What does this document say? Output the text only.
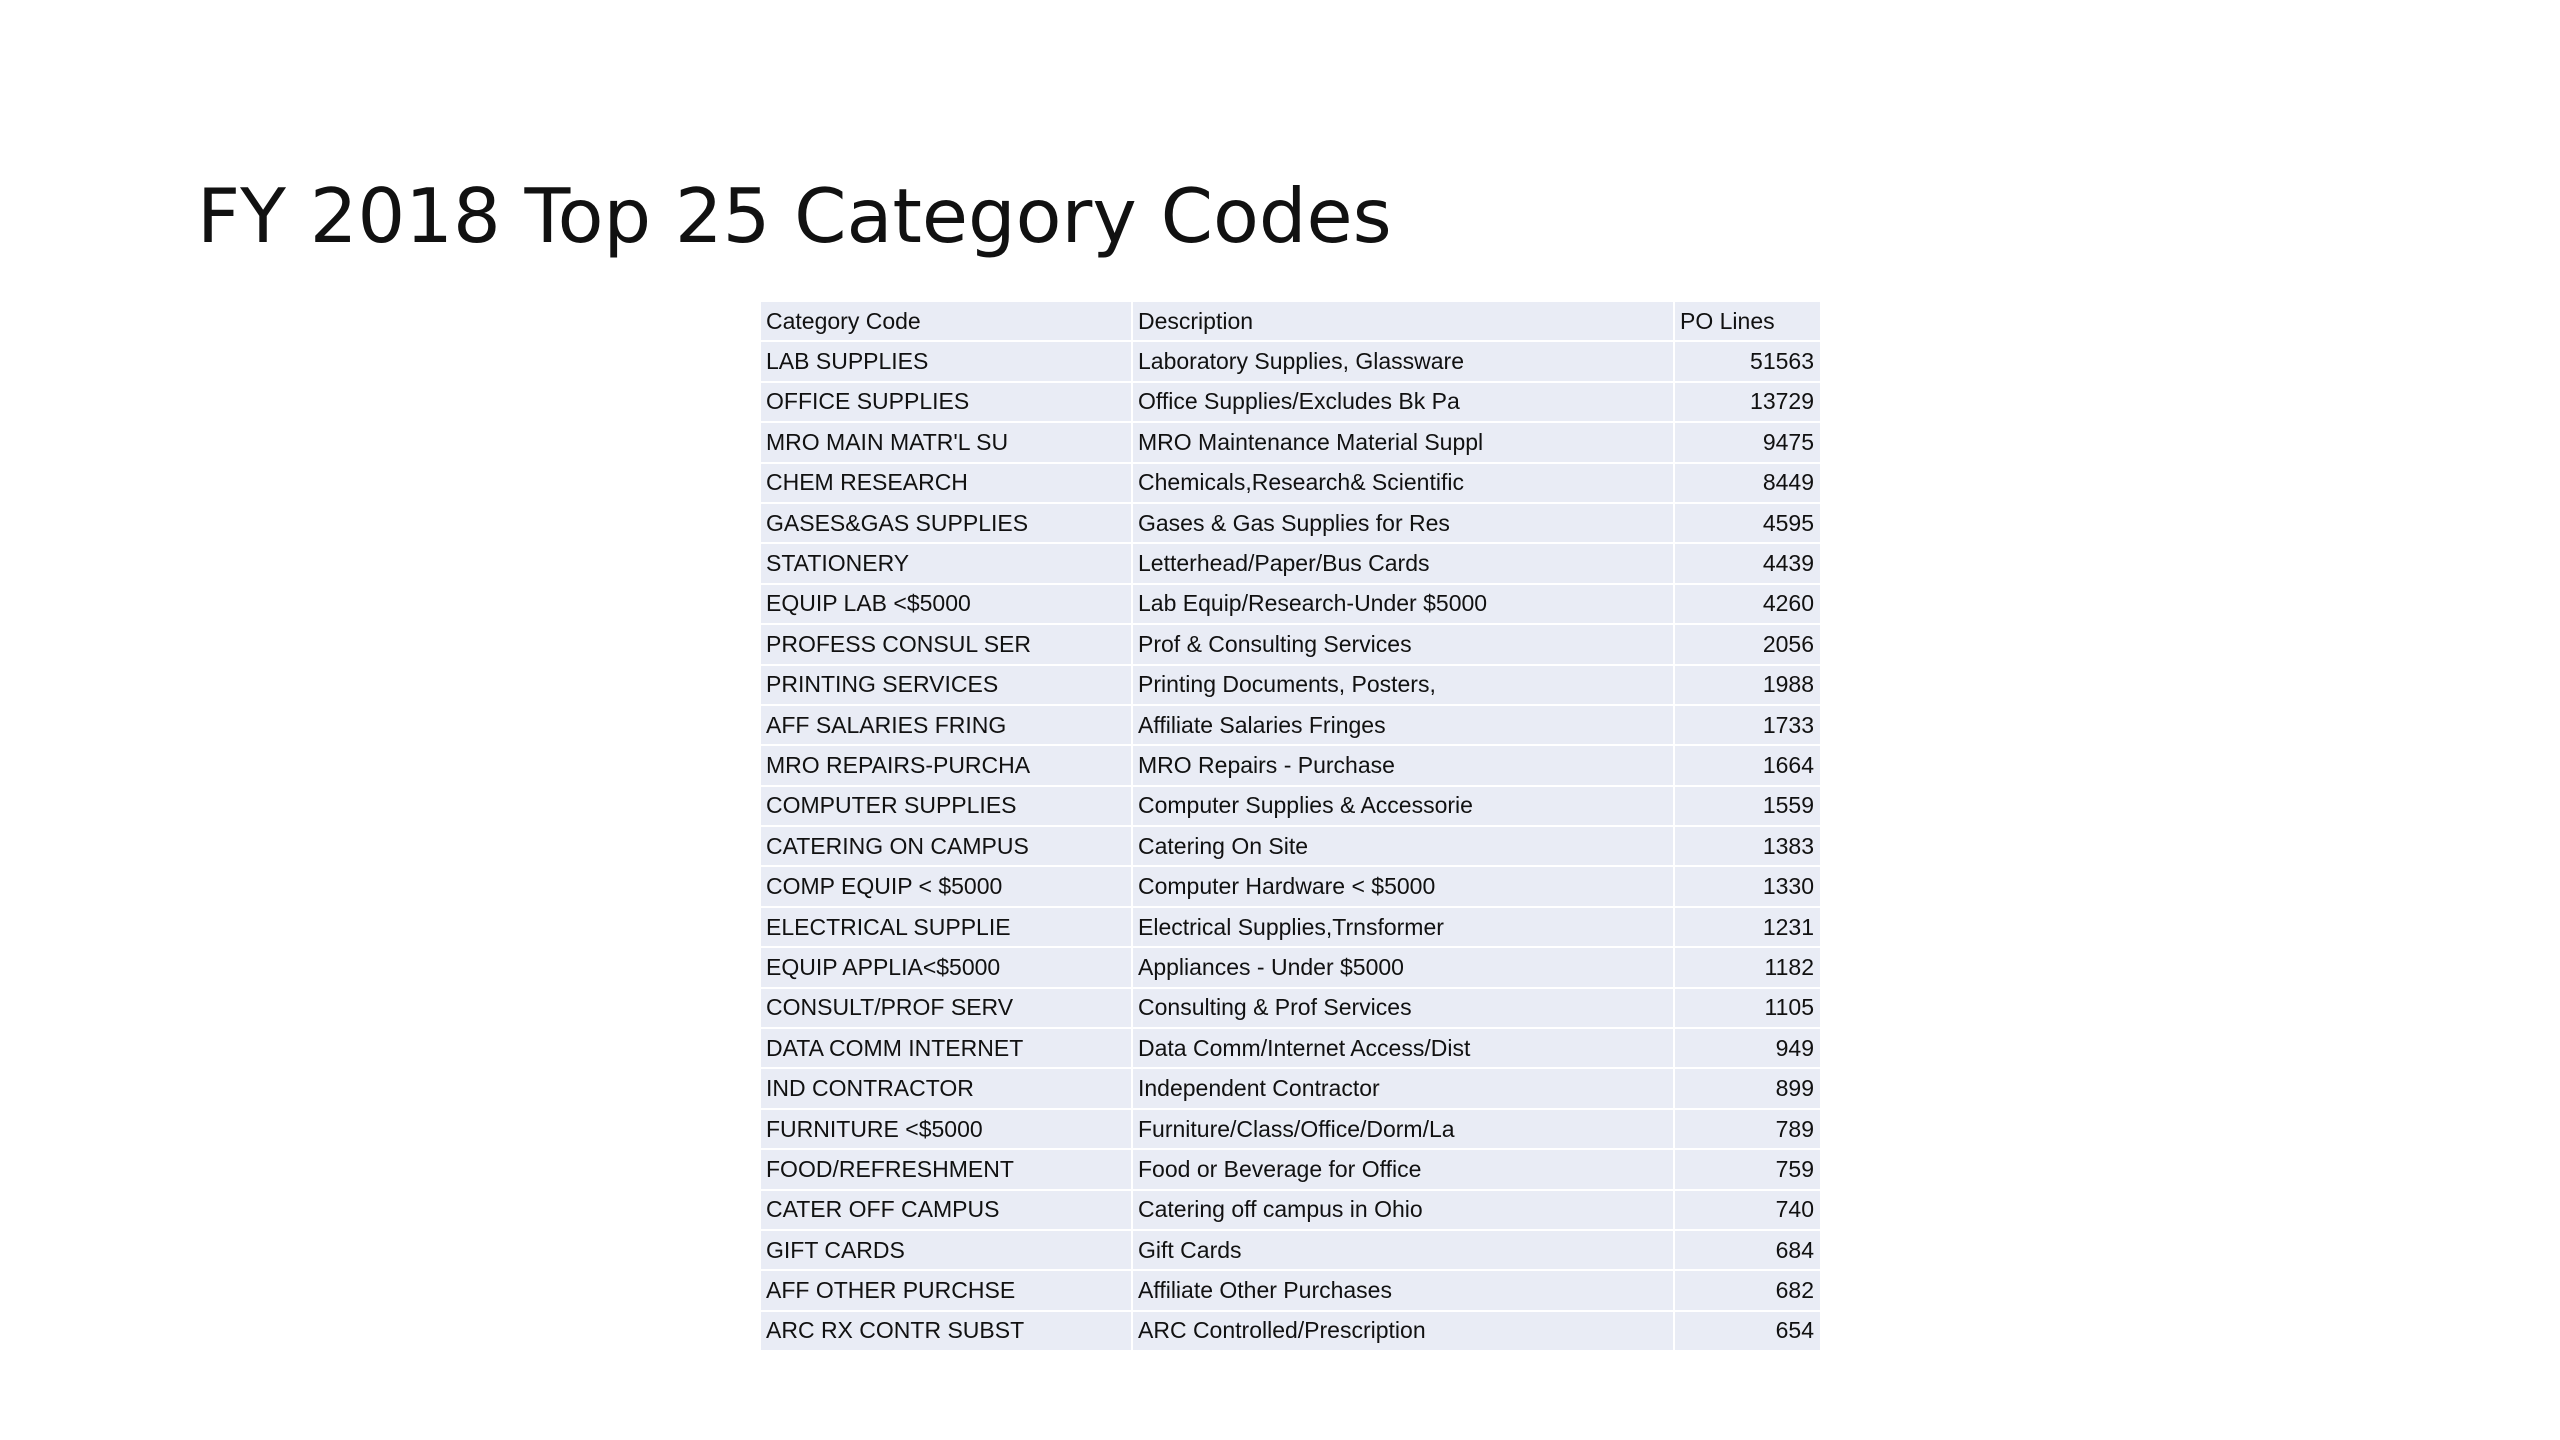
FY 2018 Top 25 Category Codes
Category Code	Description	PO Lines
LAB SUPPLIES	Laboratory Supplies, Glassware	51563
OFFICE SUPPLIES	Office Supplies/Excludes Bk Pa	13729
MRO MAIN MATR'L SU	MRO Maintenance Material Suppl	9475
CHEM RESEARCH	Chemicals,Research& Scientific	8449
GASES&GAS SUPPLIES	Gases & Gas Supplies for Res	4595
STATIONERY	Letterhead/Paper/Bus Cards	4439
EQUIP LAB <$5000	Lab Equip/Research-Under $5000	4260
PROFESS CONSUL SER	Prof & Consulting Services	2056
PRINTING SERVICES	Printing Documents, Posters,	1988
AFF SALARIES FRING	Affiliate Salaries Fringes	1733
MRO REPAIRS-PURCHA	MRO Repairs - Purchase	1664
COMPUTER SUPPLIES	Computer Supplies & Accessorie	1559
CATERING ON CAMPUS	Catering On Site	1383
COMP EQUIP < $5000	Computer Hardware < $5000	1330
ELECTRICAL SUPPLIE	Electrical Supplies,Trnsformer	1231
EQUIP APPLIA<$5000	Appliances - Under $5000	1182
CONSULT/PROF SERV	Consulting & Prof Services	1105
DATA COMM INTERNET	Data Comm/Internet Access/Dist	949
IND CONTRACTOR	Independent Contractor	899
FURNITURE <$5000	Furniture/Class/Office/Dorm/La	789
FOOD/REFRESHMENT	Food or Beverage for Office	759
CATER OFF CAMPUS	Catering off campus in Ohio	740
GIFT CARDS	Gift Cards	684
AFF OTHER PURCHSE	Affiliate Other Purchases	682
ARC RX CONTR SUBST	ARC Controlled/Prescription	654
